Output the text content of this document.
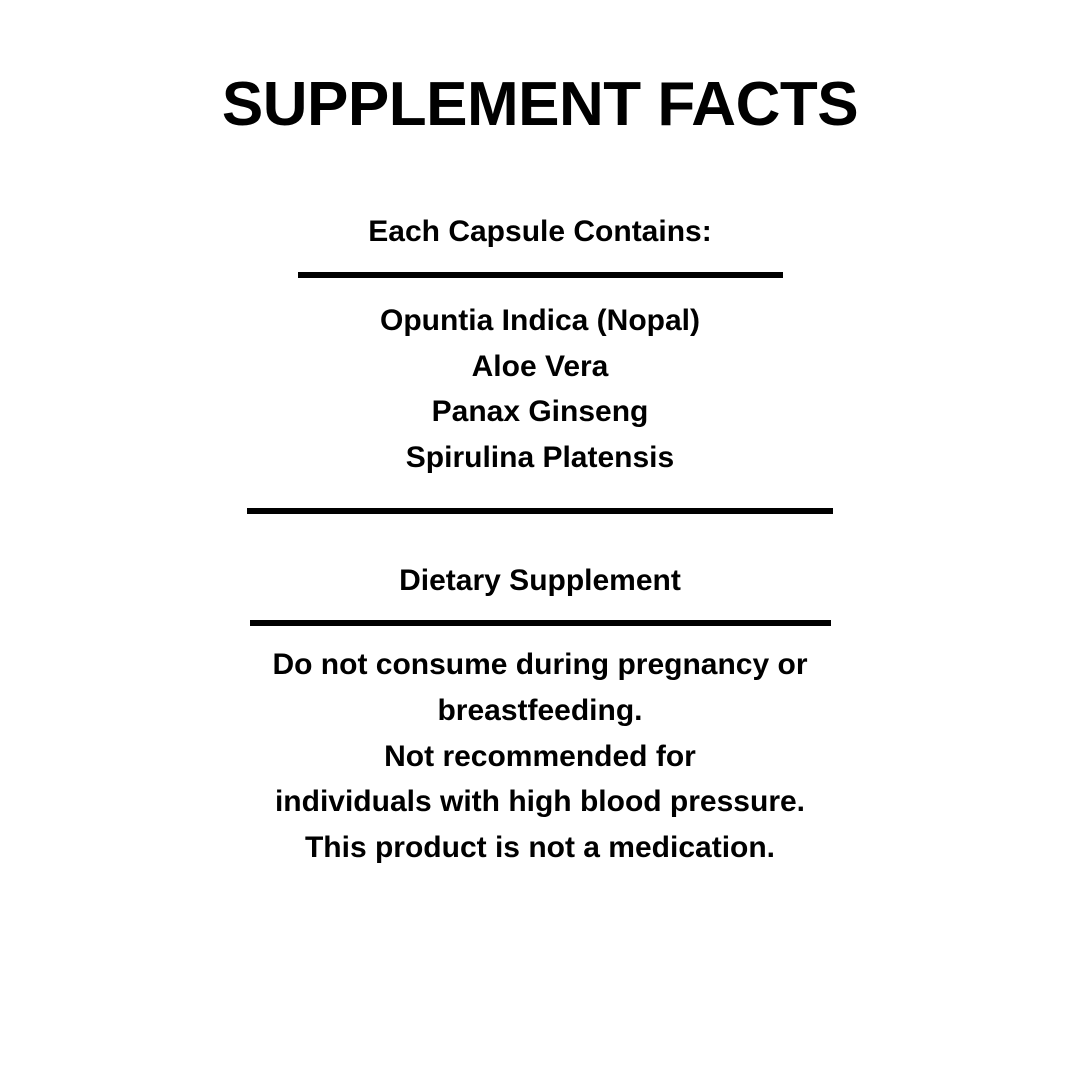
SUPPLEMENT FACTS
Each Capsule Contains:
Opuntia Indica (Nopal)
Aloe Vera
Panax Ginseng
Spirulina Platensis
Dietary Supplement
Do not consume during pregnancy or
breastfeeding.
Not recommended for
individuals with high blood pressure.
This product is not a medication.
